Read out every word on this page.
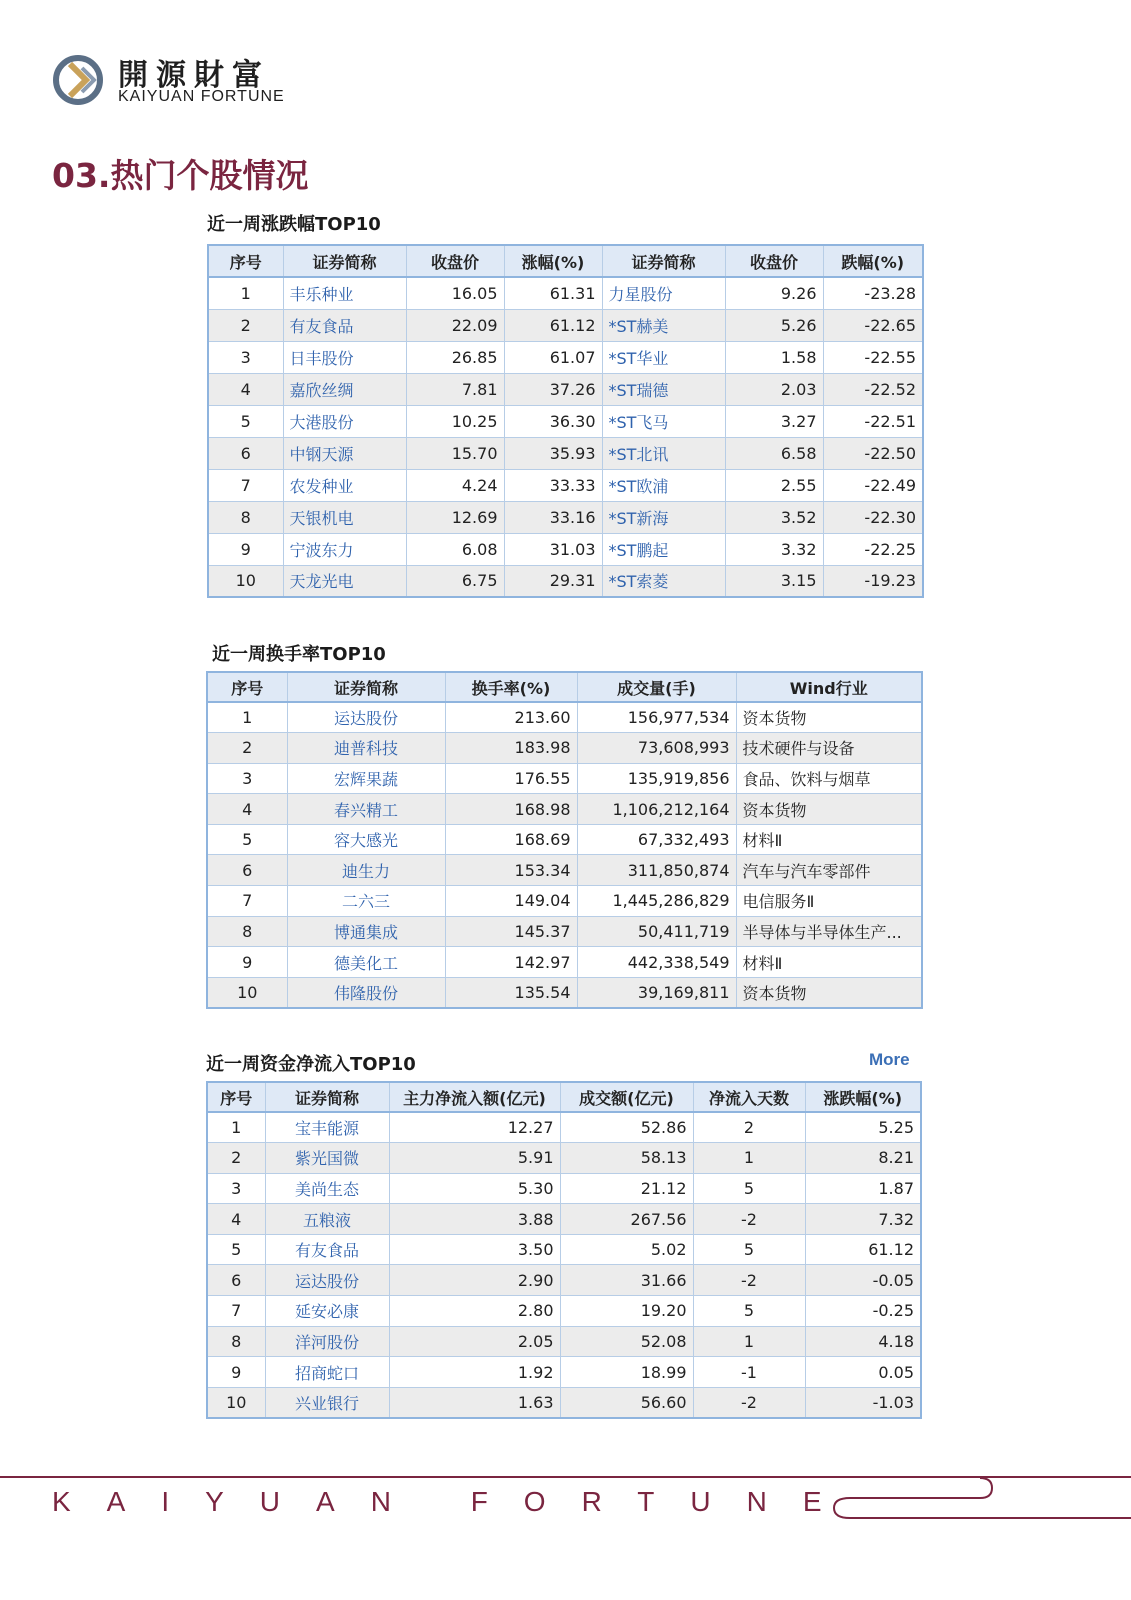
開源財富
KAIYUAN FORTUNE
03.热门个股情况
近一周涨跌幅TOP10
序号	证券简称	收盘价	涨幅(%)	证券简称	收盘价	跌幅(%)
1	丰乐种业	16.05	61.31	力星股份	9.26	-23.28
2	有友食品	22.09	61.12	*ST赫美	5.26	-22.65
3	日丰股份	26.85	61.07	*ST华业	1.58	-22.55
4	嘉欣丝绸	7.81	37.26	*ST瑞德	2.03	-22.52
5	大港股份	10.25	36.30	*ST飞马	3.27	-22.51
6	中钢天源	15.70	35.93	*ST北讯	6.58	-22.50
7	农发种业	4.24	33.33	*ST欧浦	2.55	-22.49
8	天银机电	12.69	33.16	*ST新海	3.52	-22.30
9	宁波东力	6.08	31.03	*ST鹏起	3.32	-22.25
10	天龙光电	6.75	29.31	*ST索菱	3.15	-19.23
近一周换手率TOP10
序号	证券简称	换手率(%)	成交量(手)	Wind行业
1	运达股份	213.60	156,977,534	资本货物
2	迪普科技	183.98	73,608,993	技术硬件与设备
3	宏辉果蔬	176.55	135,919,856	食品、饮料与烟草
4	春兴精工	168.98	1,106,212,164	资本货物
5	容大感光	168.69	67,332,493	材料Ⅱ
6	迪生力	153.34	311,850,874	汽车与汽车零部件
7	二六三	149.04	1,445,286,829	电信服务Ⅱ
8	博通集成	145.37	50,411,719	半导体与半导体生产...
9	德美化工	142.97	442,338,549	材料Ⅱ
10	伟隆股份	135.54	39,169,811	资本货物
近一周资金净流入TOP10	More
序号	证券简称	主力净流入额(亿元)	成交额(亿元)	净流入天数	涨跌幅(%)
1	宝丰能源	12.27	52.86	2	5.25
2	紫光国微	5.91	58.13	1	8.21
3	美尚生态	5.30	21.12	5	1.87
4	五粮液	3.88	267.56	-2	7.32
5	有友食品	3.50	5.02	5	61.12
6	运达股份	2.90	31.66	-2	-0.05
7	延安必康	2.80	19.20	5	-0.25
8	洋河股份	2.05	52.08	1	4.18
9	招商蛇口	1.92	18.99	-1	0.05
10	兴业银行	1.63	56.60	-2	-1.03
KAIYUAN FORTUNE
